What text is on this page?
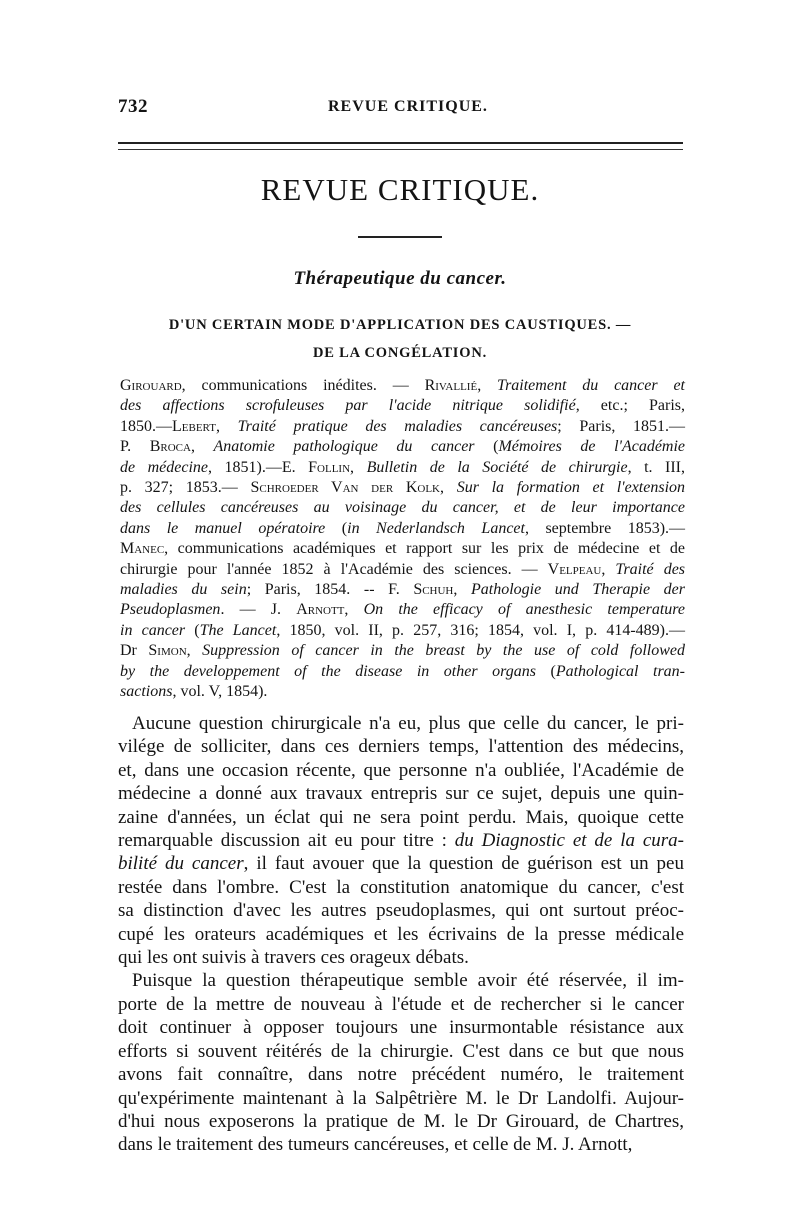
732	REVUE CRITIQUE.
REVUE CRITIQUE.
Thérapeutique du cancer.
D'UN CERTAIN MODE D'APPLICATION DES CAUSTIQUES. —
DE LA CONGÉLATION.
Girouard, communications inédites. — Rivallié, Traitement du cancer et
des affections scrofuleuses par l'acide nitrique solidifié, etc.; Paris,
1850.—Lebert, Traité pratique des maladies cancéreuses; Paris, 1851.—
P. Broca, Anatomie pathologique du cancer (Mémoires de l'Académie
de médecine, 1851).—E. Follin, Bulletin de la Société de chirurgie, t. III,
p. 327; 1853.— Schroeder Van der Kolk, Sur la formation et l'extension
des cellules cancéreuses au voisinage du cancer, et de leur importance
dans le manuel opératoire (in Nederlandsch Lancet, septembre 1853).—
Manec, communications académiques et rapport sur les prix de médecine et de
chirurgie pour l'année 1852 à l'Académie des sciences. — Velpeau, Traité des
maladies du sein; Paris, 1854. -- F. Schuh, Pathologie und Therapie der
Pseudoplasmen. — J. Arnott, On the efficacy of anesthesic temperature
in cancer (The Lancet, 1850, vol. II, p. 257, 316; 1854, vol. I, p. 414-489).—
Dr Simon, Suppression of cancer in the breast by the use of cold followed
by the developpement of the disease in other organs (Pathological tran-
sactions, vol. V, 1854).
Aucune question chirurgicale n'a eu, plus que celle du cancer, le pri-
vilége de solliciter, dans ces derniers temps, l'attention des médecins,
et, dans une occasion récente, que personne n'a oubliée, l'Académie de
médecine a donné aux travaux entrepris sur ce sujet, depuis une quin-
zaine d'années, un éclat qui ne sera point perdu. Mais, quoique cette
remarquable discussion ait eu pour titre : du Diagnostic et de la cura-
bilité du cancer, il faut avouer que la question de guérison est un peu
restée dans l'ombre. C'est la constitution anatomique du cancer, c'est
sa distinction d'avec les autres pseudoplasmes, qui ont surtout préoc-
cupé les orateurs académiques et les écrivains de la presse médicale
qui les ont suivis à travers ces orageux débats.
Puisque la question thérapeutique semble avoir été réservée, il im-
porte de la mettre de nouveau à l'étude et de rechercher si le cancer
doit continuer à opposer toujours une insurmontable résistance aux
efforts si souvent réitérés de la chirurgie. C'est dans ce but que nous
avons fait connaître, dans notre précédent numéro, le traitement
qu'expérimente maintenant à la Salpêtrière M. le Dr Landolfi. Aujour-
d'hui nous exposerons la pratique de M. le Dr Girouard, de Chartres,
dans le traitement des tumeurs cancéreuses, et celle de M. J. Arnott,
